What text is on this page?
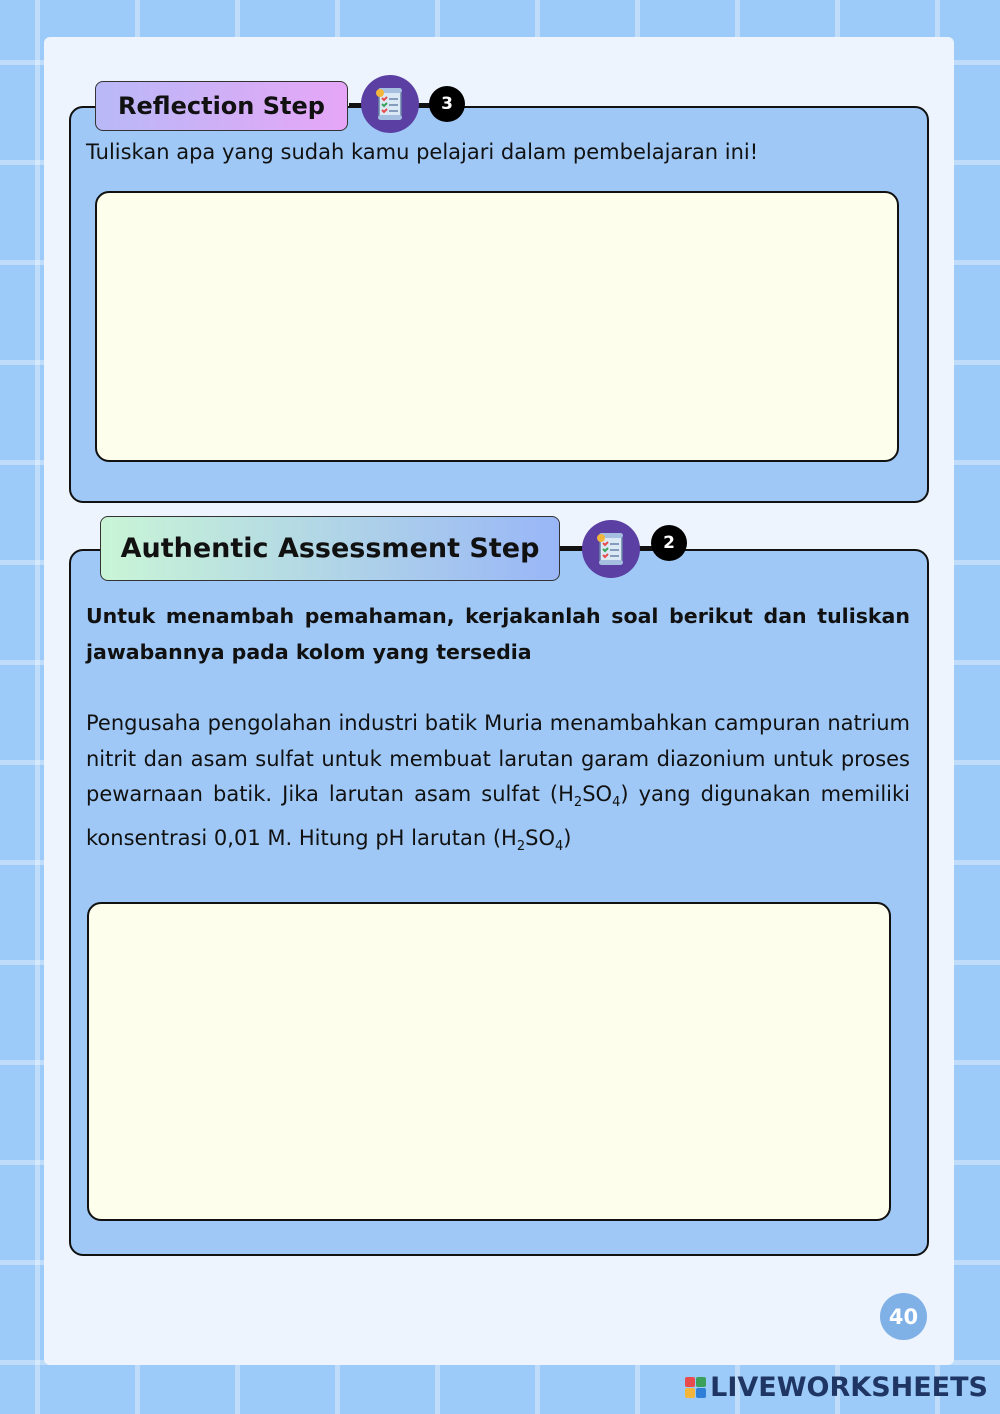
Reflection Step	3
Tuliskan apa yang sudah kamu pelajari dalam pembelajaran ini!
Authentic Assessment Step	2
Untuk menambah pemahaman, kerjakanlah soal berikut dan tuliskan jawabannya pada kolom yang tersedia
Pengusaha pengolahan industri batik Muria menambahkan campuran natrium nitrit dan asam sulfat untuk membuat larutan garam diazonium untuk proses pewarnaan batik. Jika larutan asam sulfat $(H_2SO_4)$ yang digunakan memiliki konsentrasi 0,01 M. Hitung pH larutan $(H_2SO_4)$
40
LIVEWORKSHEETS
